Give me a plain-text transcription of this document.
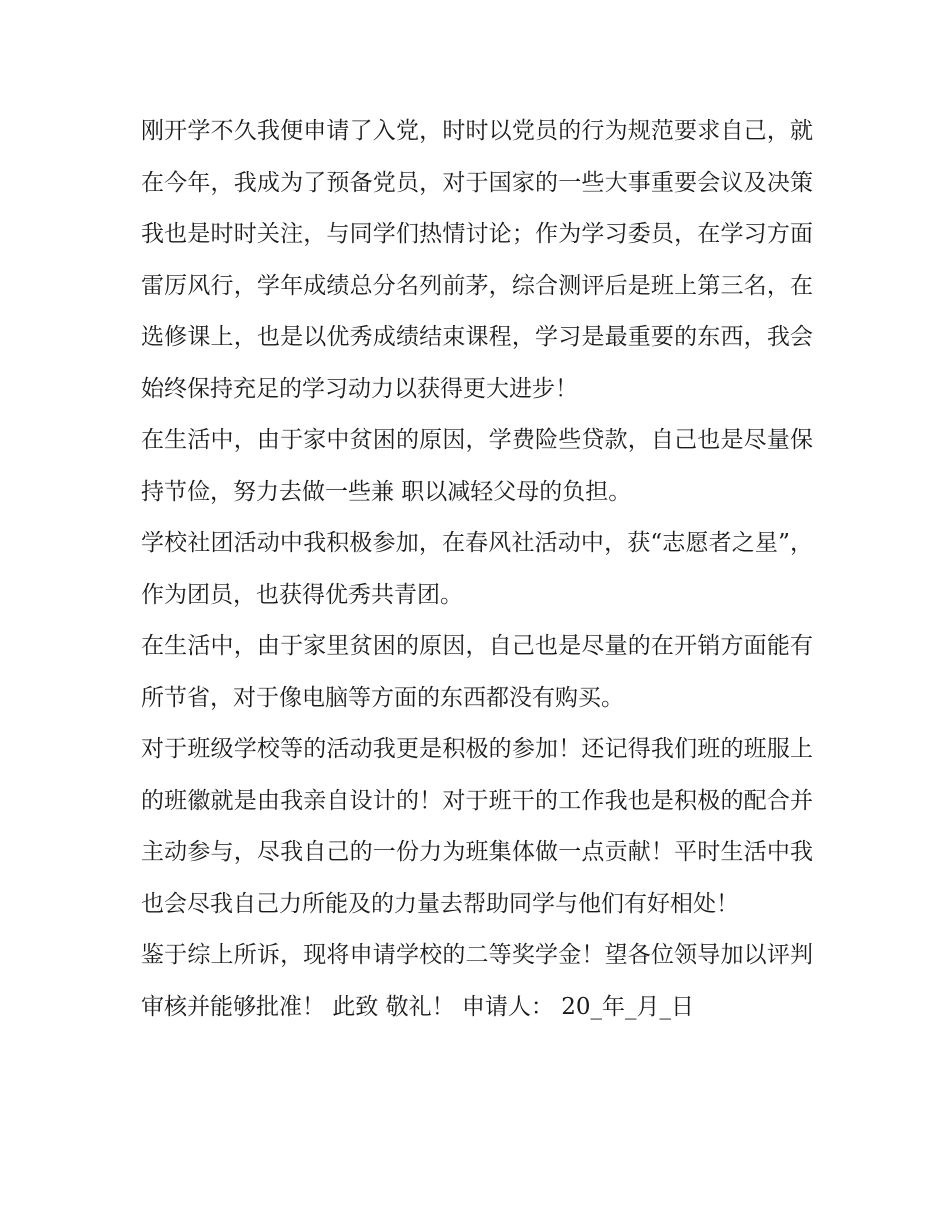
刚开学不久我便申请了入党，时时以党员的行为规范要求自己，就在今年，我成为了预备党员，对于国家的一些大事重要会议及决策我也是时时关注，与同学们热情讨论；作为学习委员，在学习方面雷厉风行，学年成绩总分名列前茅，综合测评后是班上第三名，在选修课上，也是以优秀成绩结束课程，学习是最重要的东西，我会始终保持充足的学习动力以获得更大进步！

在生活中，由于家中贫困的原因，学费险些贷款，自己也是尽量保持节俭，努力去做一些兼 职以减轻父母的负担。

学校社团活动中我积极参加，在春风社活动中，获“志愿者之星”，作为团员，也获得优秀共青团。

在生活中，由于家里贫困的原因，自己也是尽量的在开销方面能有所节省，对于像电脑等方面的东西都没有购买。

对于班级学校等的活动我更是积极的参加！还记得我们班的班服上的班徽就是由我亲自设计的！对于班干的工作我也是积极的配合并主动参与，尽我自己的一份力为班集体做一点贡献！平时生活中我也会尽我自己力所能及的力量去帮助同学与他们有好相处！

鉴于综上所诉，现将申请学校的二等奖学金！望各位领导加以评判审核并能够批准！ 此致 敬礼！ 申请人： 20_年_月_日
